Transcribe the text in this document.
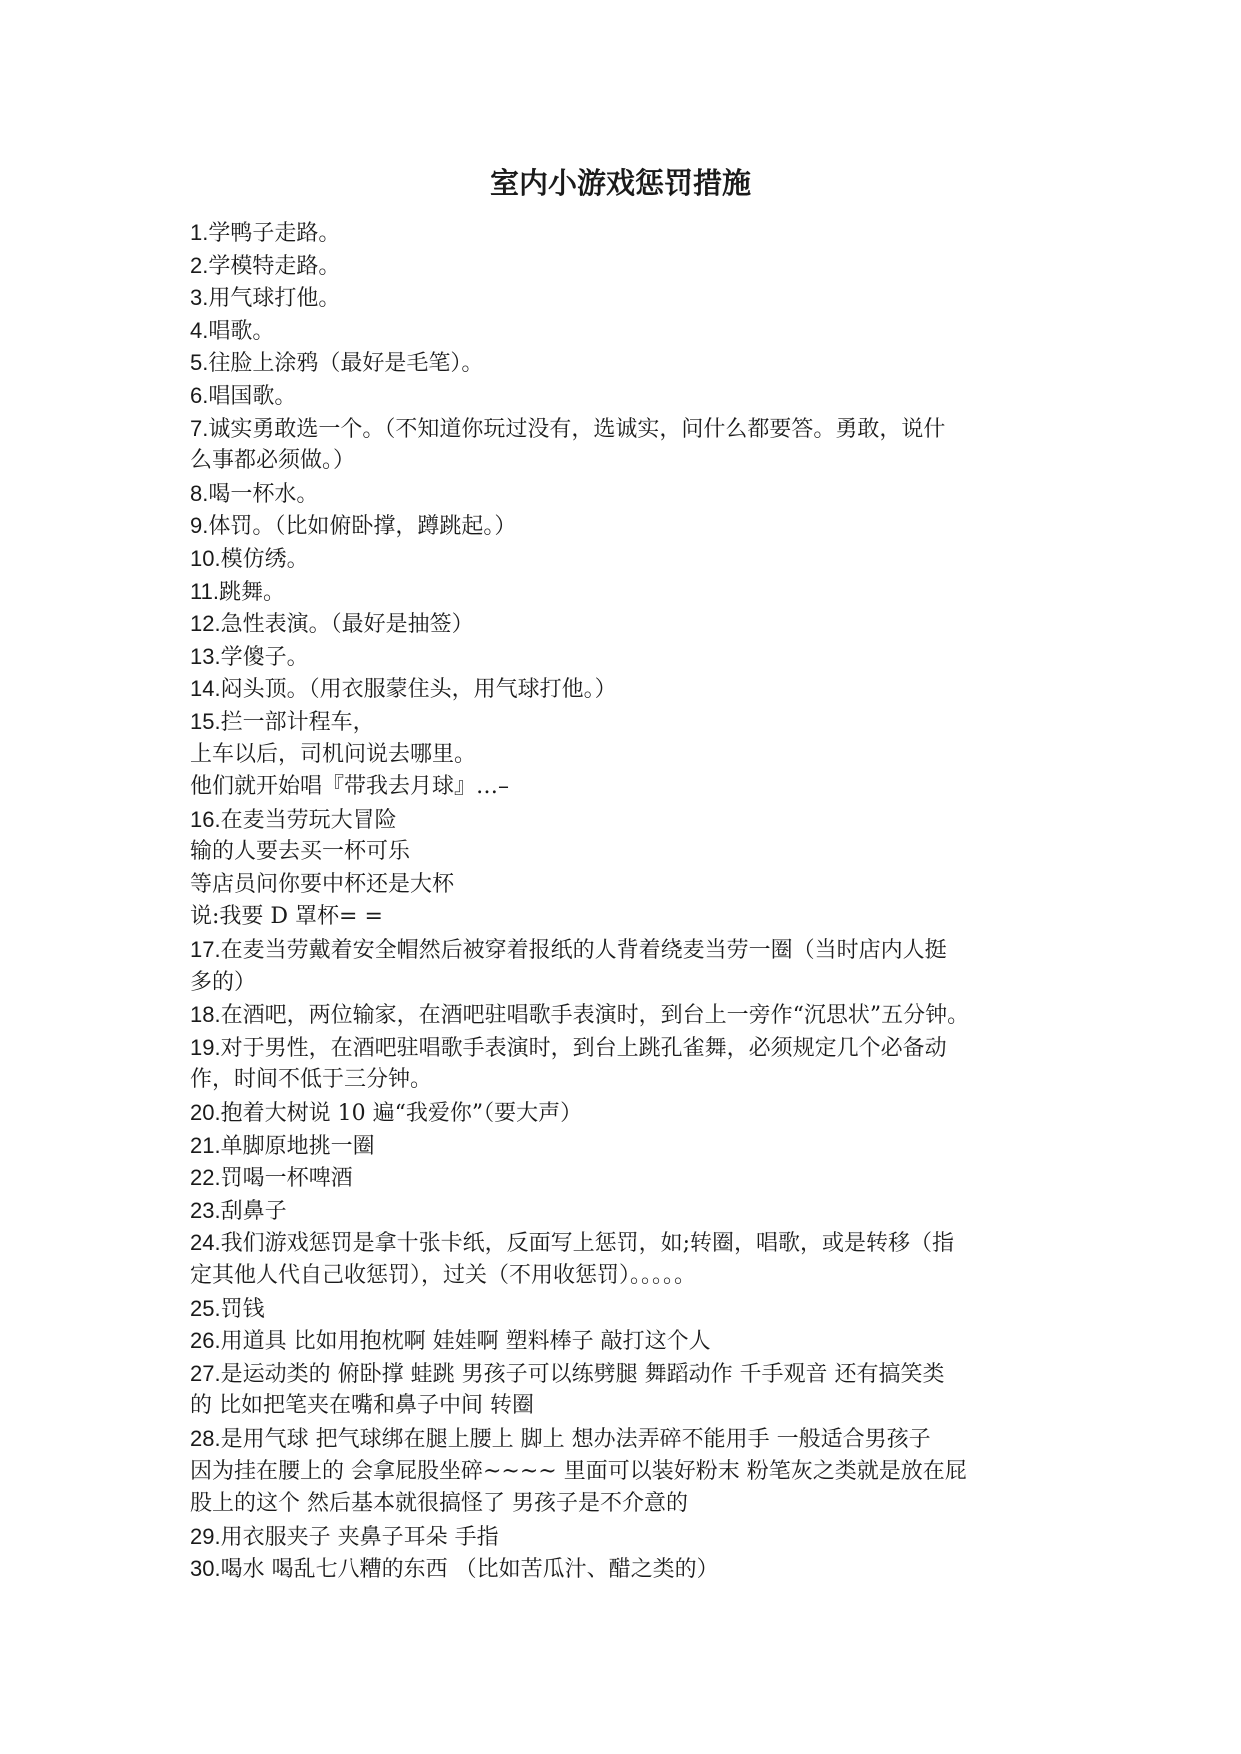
室内小游戏惩罚措施
1.学鸭子走路。
2.学模特走路。
3.用气球打他。
4.唱歌。
5.往脸上涂鸦（最好是毛笔）。
6.唱国歌。
7.诚实勇敢选一个。（不知道你玩过没有，选诚实，问什么都要答。勇敢，说什
么事都必须做。）
8.喝一杯水。
9.体罚。（比如俯卧撑，蹲跳起。）
10.模仿绣。
11.跳舞。
12.急性表演。（最好是抽签）
13.学傻子。
14.闷头顶。（用衣服蒙住头，用气球打他。）
15.拦一部计程车，
上车以后，司机问说去哪里。
他们就开始唱『带我去月球』…–
16.在麦当劳玩大冒险
输的人要去买一杯可乐
等店员问你要中杯还是大杯
说:我要 D 罩杯= =
17.在麦当劳戴着安全帽然后被穿着报纸的人背着绕麦当劳一圈（当时店内人挺
多的）
18.在酒吧，两位输家，在酒吧驻唱歌手表演时，到台上一旁作“沉思状”五分钟。
19.对于男性，在酒吧驻唱歌手表演时，到台上跳孔雀舞，必须规定几个必备动
作，时间不低于三分钟。
20.抱着大树说 10 遍“我爱你”（要大声）
21.单脚原地挑一圈
22.罚喝一杯啤酒
23.刮鼻子
24.我们游戏惩罚是拿十张卡纸，反面写上惩罚，如;转圈，唱歌，或是转移（指
定其他人代自己收惩罚），过关（不用收惩罚）。。。。。
25.罚钱
26.用道具 比如用抱枕啊 娃娃啊 塑料棒子 敲打这个人
27.是运动类的 俯卧撑 蛙跳 男孩子可以练劈腿 舞蹈动作 千手观音 还有搞笑类
的 比如把笔夹在嘴和鼻子中间 转圈
28.是用气球 把气球绑在腿上腰上 脚上 想办法弄碎不能用手 一般适合男孩子
因为挂在腰上的 会拿屁股坐碎~~~~ 里面可以装好粉末 粉笔灰之类就是放在屁
股上的这个 然后基本就很搞怪了 男孩子是不介意的
29.用衣服夹子 夹鼻子耳朵 手指
30.喝水 喝乱七八糟的东西 （比如苦瓜汁、醋之类的）
